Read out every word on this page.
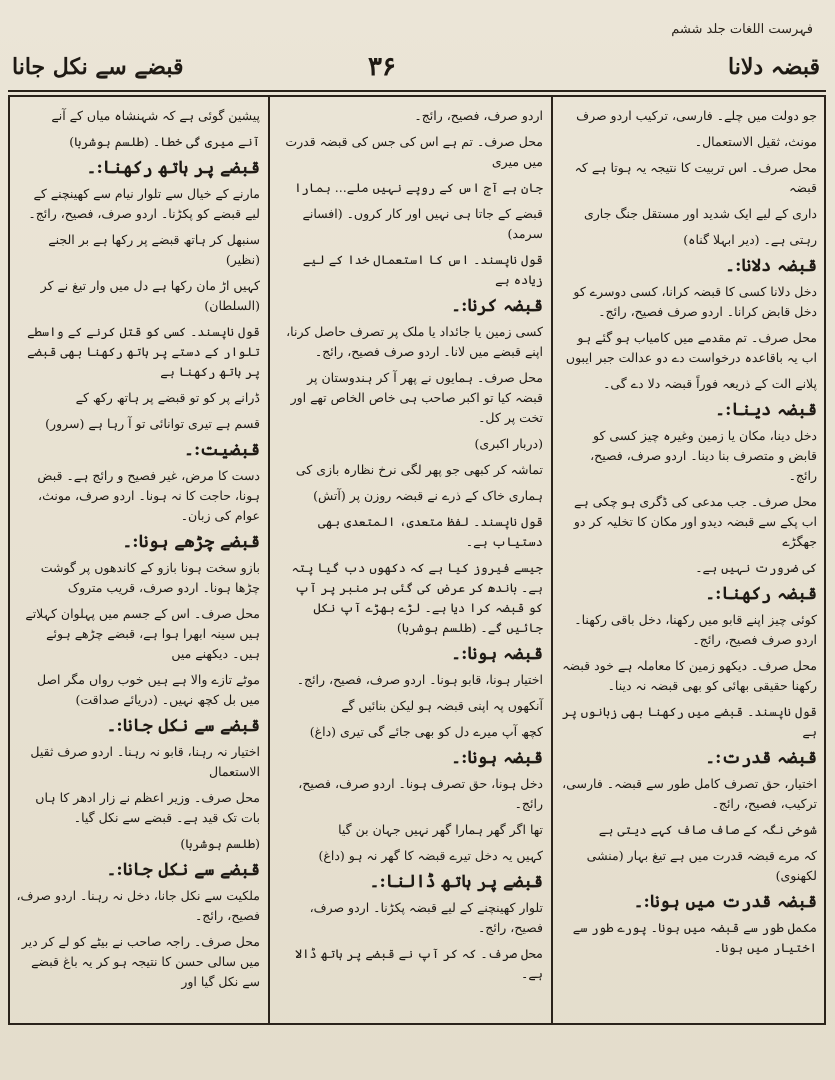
فہرست اللغات جلد ششم
قبضے سے نکل جانا	۳۶	قبضہ دلانا
جو دولت میں چلے۔ فارسی، ترکیب اردو صرف
مونث، ثقیل الاستعمال۔
محل صرف۔ اس تربیت کا نتیجہ یہ ہوتا ہے کہ قبضہ
داری کے لیے ایک شدید اور مستقل جنگ جاری
رہتی ہے۔ (دیر ابہلا گناہ)
قبضہ دلانا:۔
دخل دلانا کسی کا قبضہ کرانا، کسی دوسرے کو دخل قابض کرانا۔ اردو صرف فصیح، رائج۔
محل صرف۔ تم مقدمے میں کامیاب ہو گئے ہو اب یہ باقاعدہ درخواست دے دو عدالت جبر ایبوں
پلانے الت کے ذریعہ فوراً قبضہ دلا دے گی۔
قبضہ دینا:۔
دخل دینا، مکان یا زمین وغیرہ چیز کسی کو قابض و متصرف بنا دینا۔ اردو صرف، فصیح، رائج۔
محل صرف۔ جب مدعی کی ڈگری ہو چکی ہے اب پکے سے قبضہ دیدو اور مکان کا تخلیہ کر دو جھگڑے
کی ضرورت نہیں ہے۔
قبضہ رکھنا:۔
کوئی چیز اپنے قابو میں رکھنا، دخل باقی رکھنا۔ اردو صرف فصیح، رائج۔
محل صرف۔ دیکھو زمین کا معاملہ ہے خود قبضہ رکھنا حقیقی بھائی کو بھی قبضہ نہ دینا۔
قول ناپسند۔ قبضے میں رکھنا بھی زبانوں پر ہے
قبضہ قدرت:۔
اختیار، حق تصرف کامل طور سے قبضہ۔ فارسی، ترکیب، فصیح، رائج۔
شوخی نگہ کے صاف صاف کہے دیتی ہے
کہ مرے قبضہ قدرت میں ہے تیغ بہار (منشی لکھنوی)
قبضہ قدرت میں ہونا:۔
مکمل طور سے قبضہ میں ہونا۔ پورے طور سے اختیار میں ہونا۔
اردو صرف، فصیح، رائج۔
محل صرف۔ تم ہے اس کی جس کی قبضہ قدرت میں میری
جان ہے آج اس کے روپے نہیں ملے... ہمارا
قبضے کے جاتا ہی نہیں اور کار کروں۔ (افسانے سرمد)
قول ناپسند۔ اس کا استعمال خدا کے لیے زیادہ ہے
قبضہ کرنا:۔
کسی زمین یا جائداد یا ملک پر تصرف حاصل کرنا، اپنے قبضے میں لانا۔ اردو صرف فصیح، رائج۔
محل صرف۔ ہمایوں نے پھر آ کر ہندوستان پر قبضہ کیا تو اکبر صاحب ہی خاص الخاص تھے اور تخت پر کل۔
(دربار اکبری)
تماشہ کر کبھی جو پھر لگی نرخ نظارہ بازی کی
ہماری خاک کے ذرے نے قبضہ روزن پر (آتش)
قول ناپسند۔ لفظ متعدی، المتعدی بھی دستیاب ہے۔
جیسے فیروز کیا ہے کہ دکھوں دب گیا پتہ ہے۔ باندھ کر عرض کی گئی ہر منبر پر آپ کو قبضہ کرا دیا ہے۔ لڑے بھڑے آپ نکل جائیں گے۔ (طلسم ہوشربا)
قبضہ ہونا:۔
اختیار ہونا، قابو ہونا۔ اردو صرف، فصیح، رائج۔
آنکھوں پہ اپنی قبضہ ہو لیکن بنائیں گے
کچھ آپ میرے دل کو بھی جائے گی تیری (داغ)
قبضہ ہونا:۔
دخل ہونا، حق تصرف ہونا۔ اردو صرف، فصیح، رائج۔
تھا اگر گھر ہمارا گھر نہیں جہان بن گیا
کہیں یہ دخل تیرے قبضہ کا گھر نہ ہو (داغ)
قبضے پر ہاتھ ڈالنا:۔
تلوار کھینچنے کے لیے قبضہ پکڑنا۔ اردو صرف، فصیح، رائج۔
محل صرف۔ کہ کر آپ نے قبضے پر ہاتھ ڈالا ہے۔
پیشین گوئی ہے کہ شہنشاہ میاں کے آنے
آنے میری گی خطا۔ (طلسم ہوشربا)
قبضے پر ہاتھ رکھنا:۔
مارنے کے خیال سے تلوار نیام سے کھینچنے کے لیے قبضے کو پکڑنا۔ اردو صرف، فصیح، رائج۔
سنبھل کر ہاتھ قبضے پر رکھا ہے بر الجنے (نظیر)
کہیں اڑ مان رکھا ہے دل میں وار تیغ نے کر (السلطان)
قول ناپسند۔ کسی کو قتل کرنے کے واسطے تلوار کے دستے پر ہاتھ رکھنا بھی قبضے پر ہاتھ رکھنا ہے
ڈرانے پر کو تو قبضے پر ہاتھ رکھ کے
قسم ہے تیری توانائی تو آ رہا ہے (سرور)
قبضیت:۔
دست کا مرض، غیر فصیح و رائج ہے۔ قبض ہونا، حاجت کا نہ ہونا۔ اردو صرف، مونث، عوام کی زبان۔
قبضے چڑھے ہونا:۔
بازو سخت ہونا بازو کے کاندھوں پر گوشت چڑھا ہونا۔ اردو صرف، قریب متروک
محل صرف۔ اس کے جسم میں پہلوان کہلاتے ہیں سینہ ابھرا ہوا ہے، قبضے چڑھے ہوئے ہیں۔ دیکھنے میں
موٹے تازے والا ہے ہیں خوب رواں مگر اصل میں بل کچھ نہیں۔ (دریائے صداقت)
قبضے سے نکل جانا:۔
اختیار نہ رہنا، قابو نہ رہنا۔ اردو صرف ثقیل الاستعمال
محل صرف۔ وزیر اعظم نے زار ادھر کا ہاں بات تک قید ہے۔ قبضے سے نکل گیا۔
(طلسم ہوشربا)
قبضے سے نکل جانا:۔
ملکیت سے نکل جانا، دخل نہ رہنا۔ اردو صرف، فصیح، رائج۔
محل صرف۔ راجہ صاحب نے بیٹے کو لے کر دیر میں سالی حسن کا نتیجہ ہو کر یہ باغ قبضے سے نکل گیا اور
